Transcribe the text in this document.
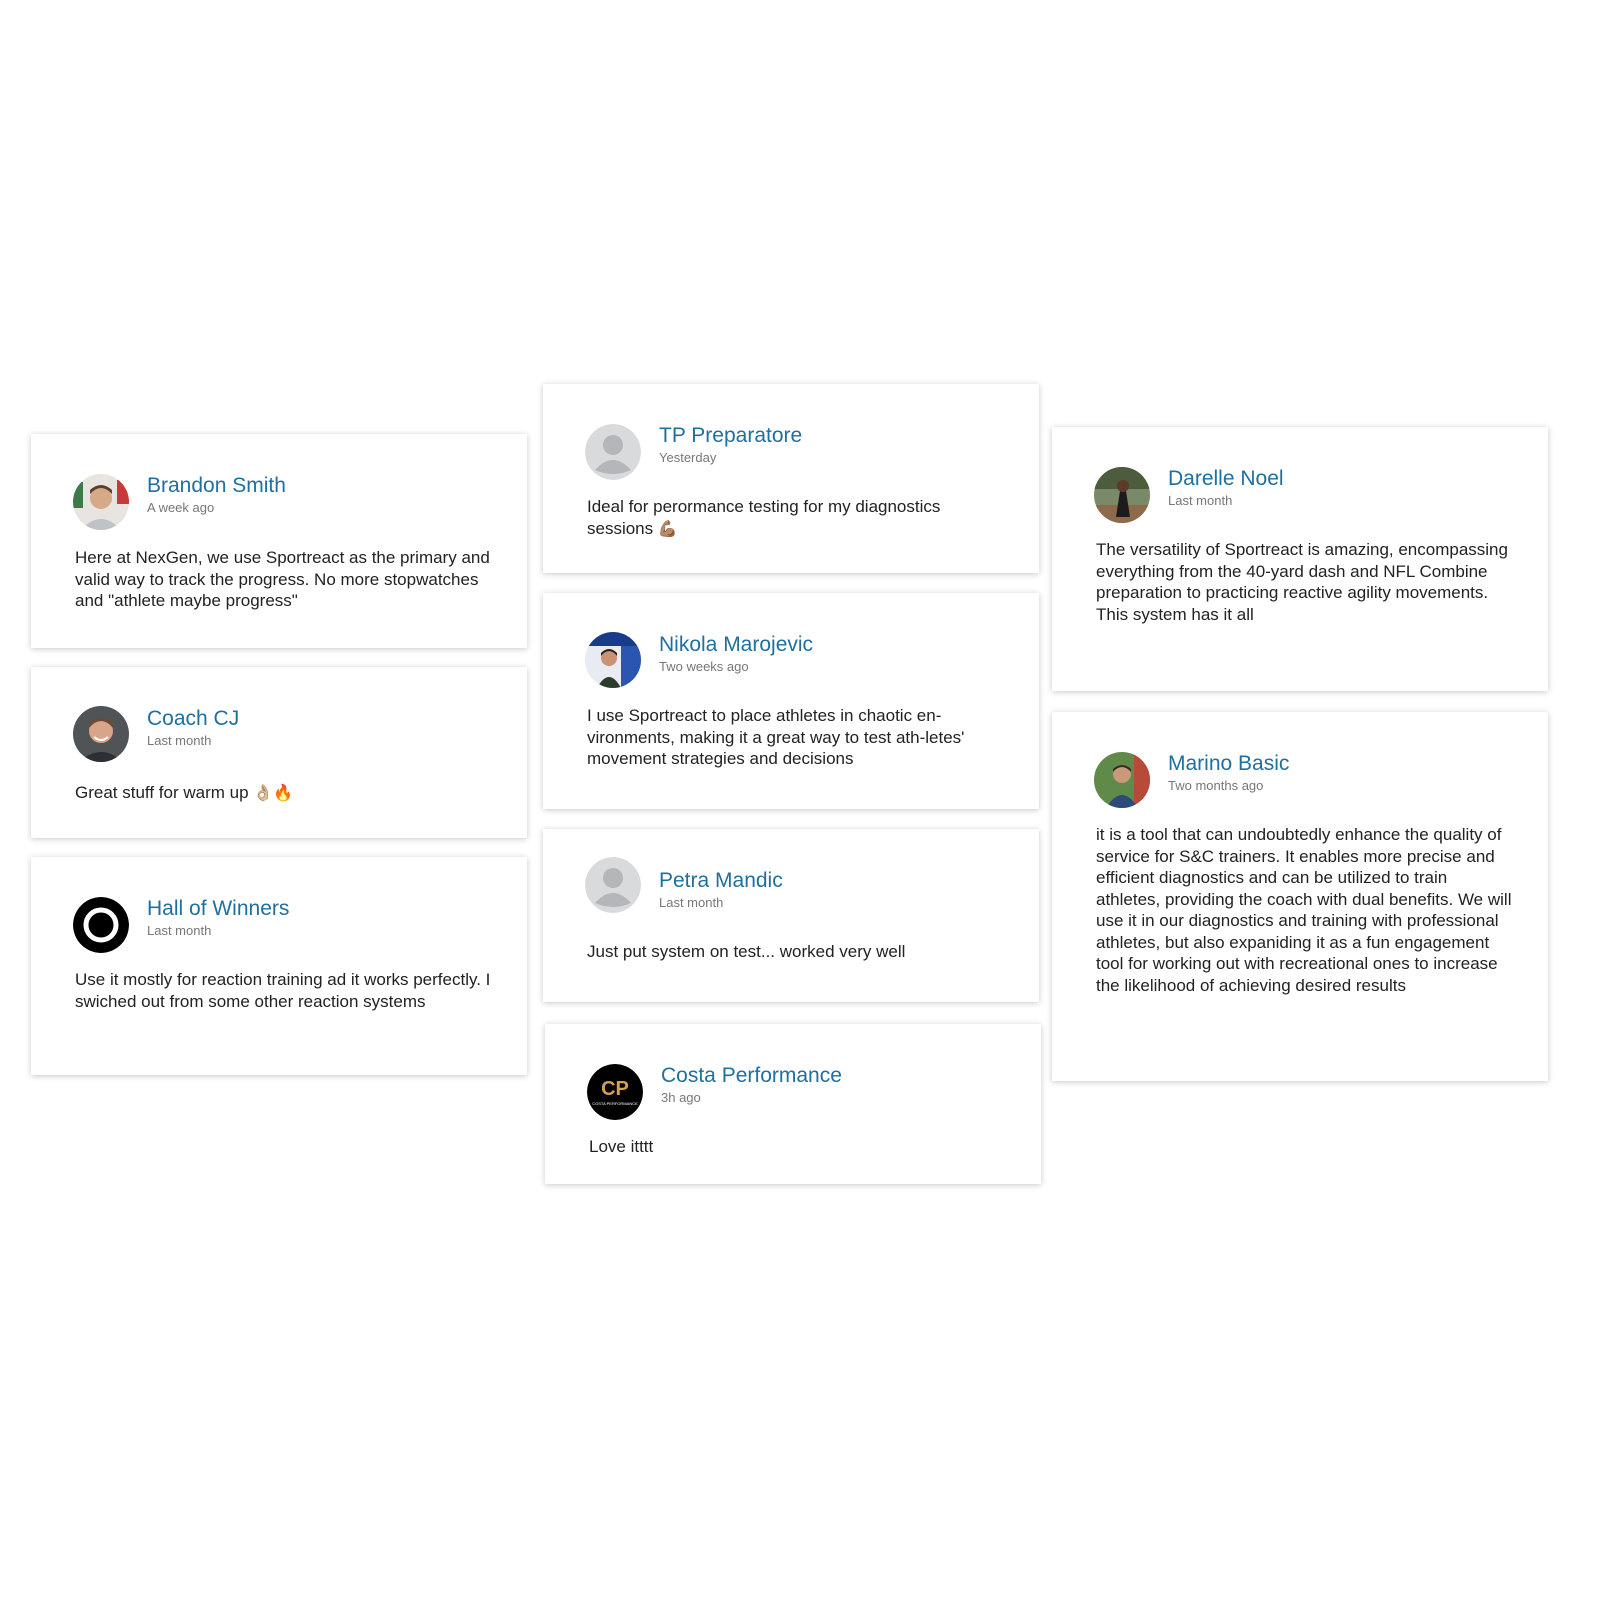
Brandon Smith
A week ago
Here at NexGen, we use Sportreact as the primary and valid way to track the progress. No more stopwatches and "athlete maybe progress"
Coach CJ
Last month
Great stuff for warm up 👌🏼🔥
Hall of Winners
Last month
Use it mostly for reaction training ad it works perfectly. I swiched out from some other reaction systems
TP Preparatore
Yesterday
Ideal for perormance testing for my diagnostics sessions 💪🏽
Nikola Marojevic
Two weeks ago
I use Sportreact to place athletes in chaotic en-vironments, making it a great way to test ath-letes' movement strategies and decisions
Petra Mandic
Last month
Just put system on test... worked very well
CP
COSTA PERFORMANCE
Costa Performance
3h ago
Love itttt
Darelle Noel
Last month
The versatility of Sportreact is amazing, encompassing everything from the 40-yard dash and NFL Combine preparation to practicing reactive agility movements. This system has it all
Marino Basic
Two months ago
it is a tool that can undoubtedly enhance the quality of service for S&C trainers. It enables more precise and efficient diagnostics and can be utilized to train athletes, providing the coach with dual benefits. We will use it in our diagnostics and training with professional athletes, but also expaniding it as a fun engagement tool for working out with recreational ones to increase the likelihood of achieving desired results
